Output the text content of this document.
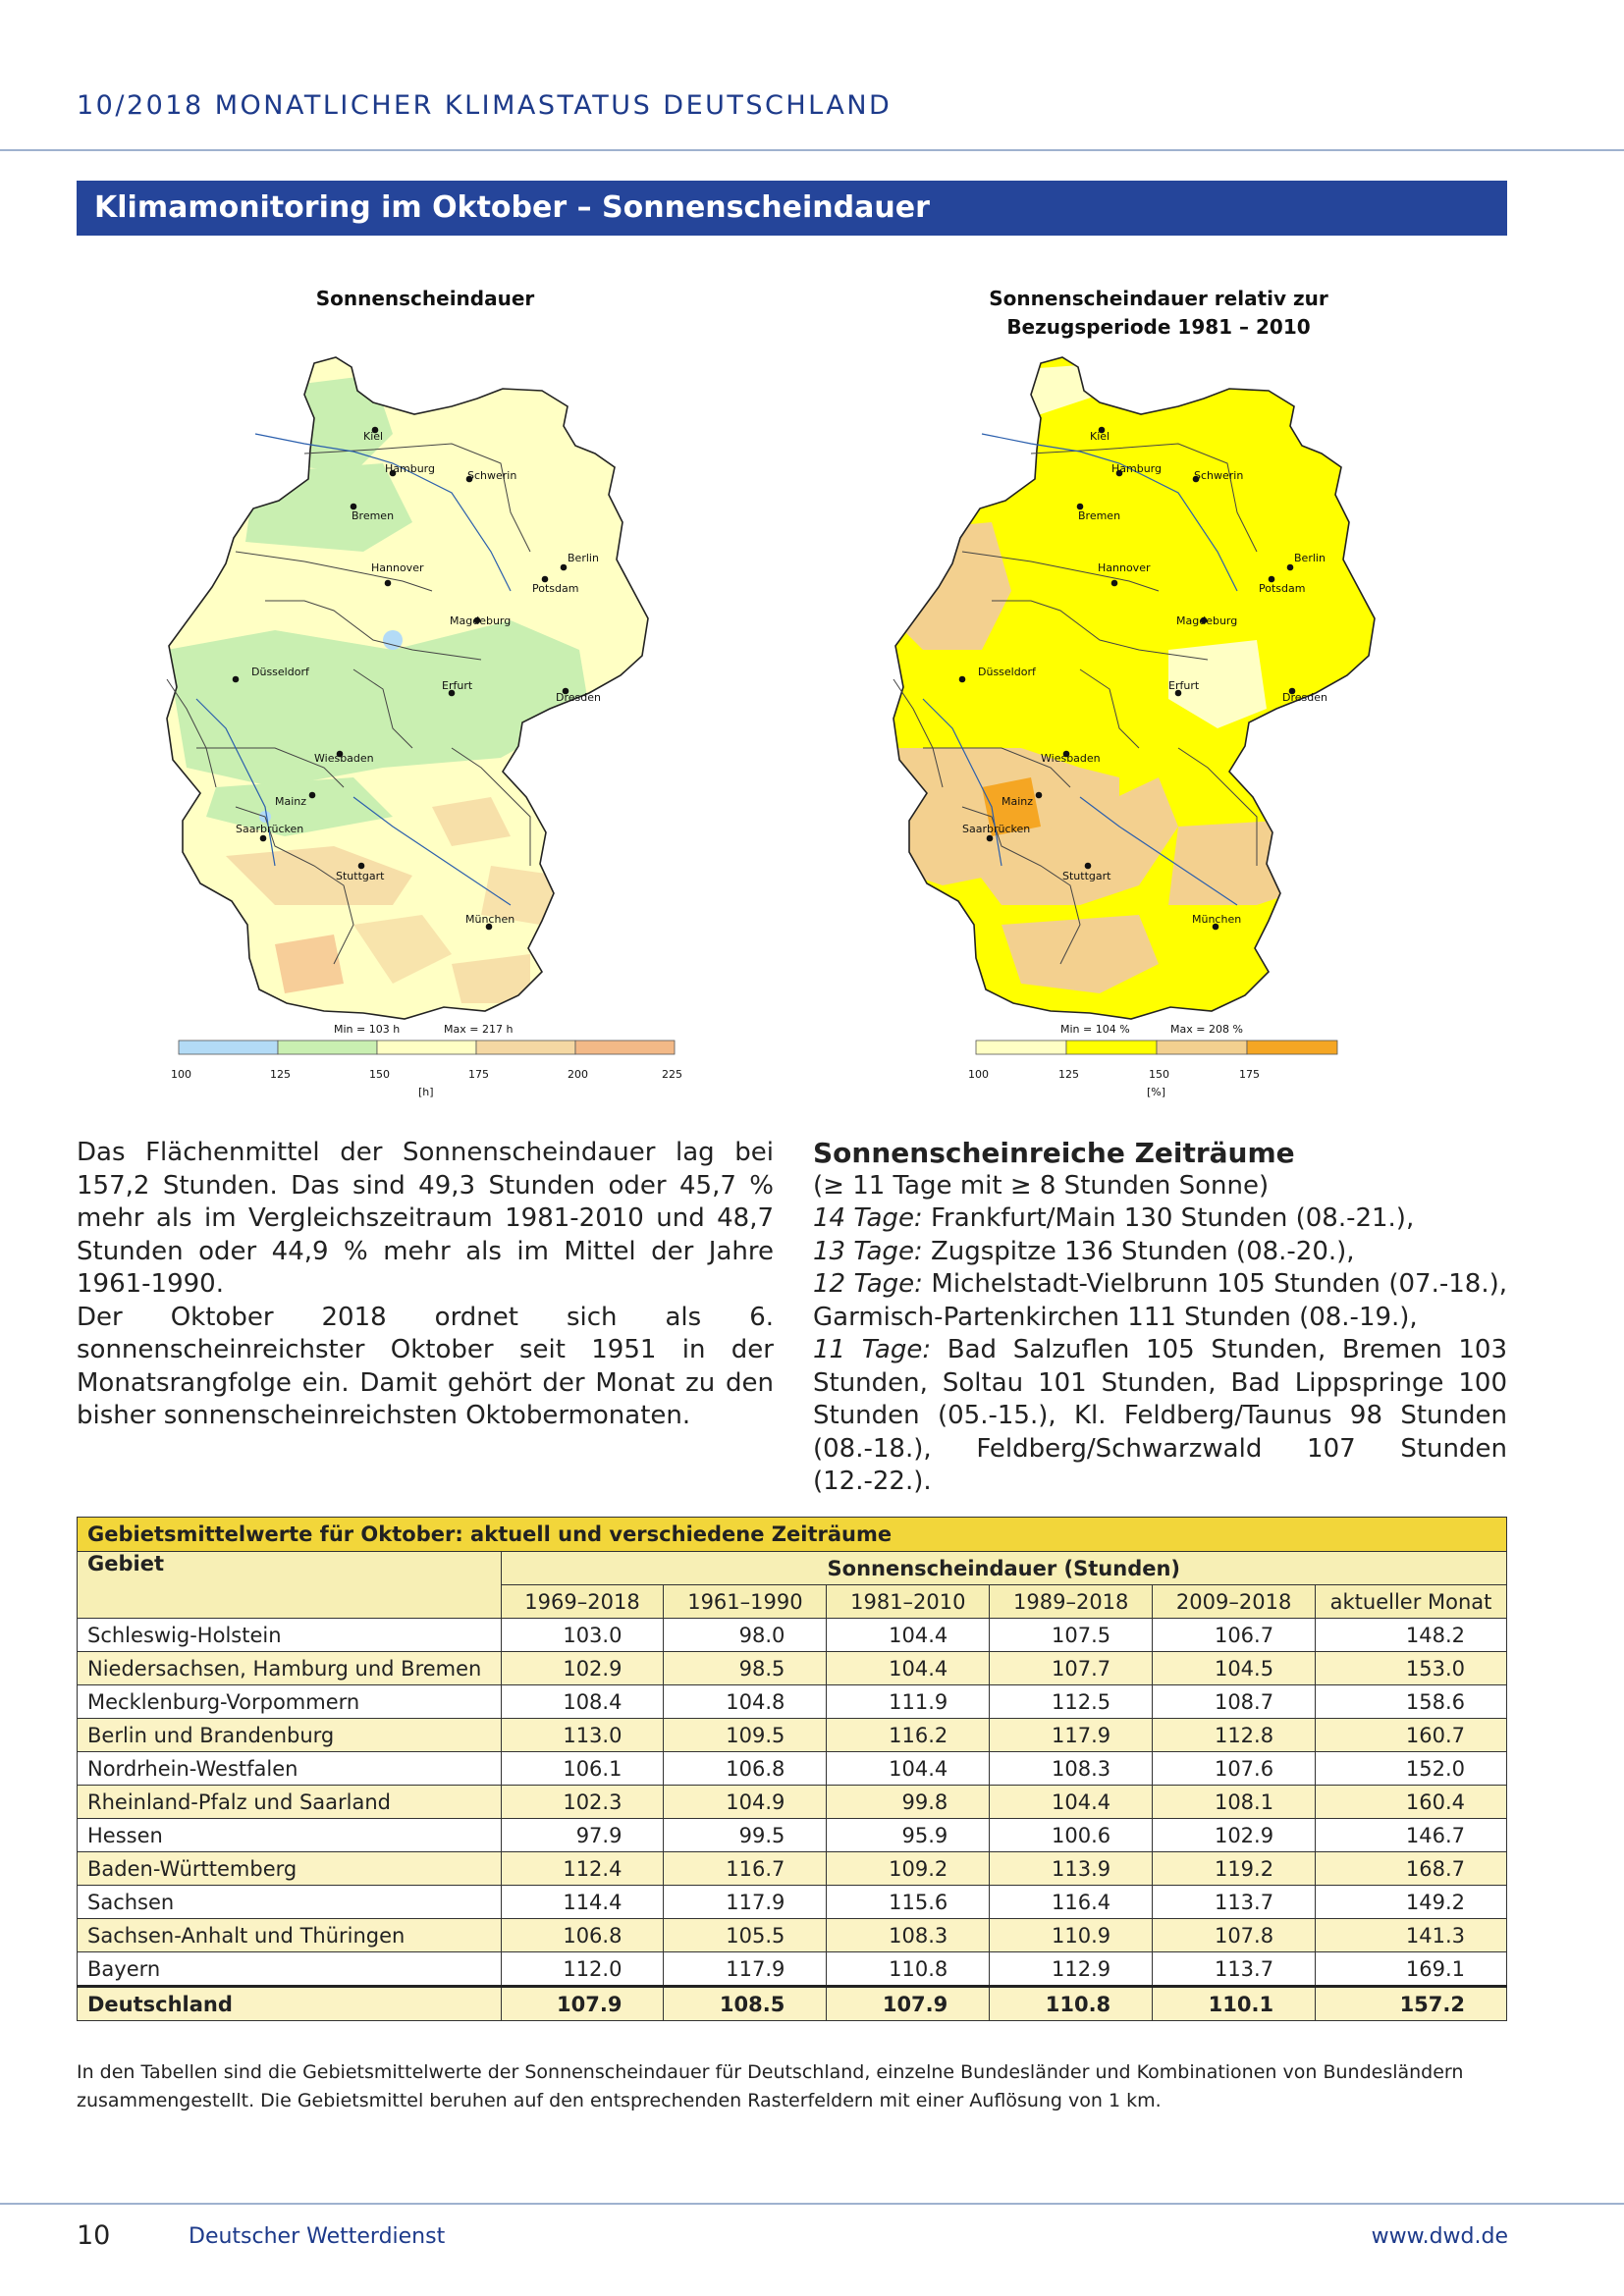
10/2018 MONATLICHER KLIMASTATUS DEUTSCHLAND
Klimamonitoring im Oktober – Sonnenscheindauer
Sonnenscheindauer
Kiel
Hamburg
Schwerin
Bremen
Berlin
Hannover
Potsdam
Magdeburg
Düsseldorf
Erfurt
Dresden
Wiesbaden
Mainz
Saarbrücken
Stuttgart
München
Min = 103 h	Max = 217 h
100	125	150	175	200	225
[h]
Sonnenscheindauer relativ zur
Bezugsperiode 1981 – 2010
Kiel
Hamburg
Schwerin
Bremen
Berlin
Hannover
Potsdam
Magdeburg
Düsseldorf
Erfurt
Dresden
Wiesbaden
Mainz
Saarbrücken
Stuttgart
München
Min = 104 %	Max = 208 %
100	125	150	175
[%]

Das Flächenmittel der Sonnenscheindauer lag bei 157,2 Stunden. Das sind 49,3 Stunden oder 45,7 % mehr als im Vergleichszeitraum 1981-2010 und 48,7 Stunden oder 44,9 % mehr als im Mittel der Jahre 1961-1990.

Der Oktober 2018 ordnet sich als 6. sonnenscheinreichster Oktober seit 1951 in der Monatsrangfolge ein. Damit gehört der Monat zu den bisher sonnenscheinreichsten Oktobermonaten.

Sonnenscheinreiche Zeiträume
(≥ 11 Tage mit ≥ 8 Stunden Sonne)
14 Tage: Frankfurt/Main 130 Stunden (08.-21.),
13 Tage: Zugspitze 136 Stunden (08.-20.),
12 Tage: Michelstadt-Vielbrunn 105 Stunden (07.-18.), Garmisch-Partenkirchen 111 Stunden (08.-19.),
11 Tage: Bad Salzuflen 105 Stunden, Bremen 103 Stunden, Soltau 101 Stunden, Bad Lippspringe 100 Stunden (05.-15.), Kl. Feldberg/Taunus 98 Stunden (08.-18.), Feldberg/Schwarzwald 107 Stunden (12.-22.).
Gebietsmittelwerte für Oktober: aktuell und verschiedene Zeiträume						
Gebiet	Sonnenscheindauer (Stunden)					
	1969–2018	1961–1990	1981–2010	1989–2018	2009–2018	aktueller Monat
Schleswig-Holstein	103.0	98.0	104.4	107.5	106.7	148.2
Niedersachsen, Hamburg und Bremen	102.9	98.5	104.4	107.7	104.5	153.0
Mecklenburg-Vorpommern	108.4	104.8	111.9	112.5	108.7	158.6
Berlin und Brandenburg	113.0	109.5	116.2	117.9	112.8	160.7
Nordrhein-Westfalen	106.1	106.8	104.4	108.3	107.6	152.0
Rheinland-Pfalz und Saarland	102.3	104.9	99.8	104.4	108.1	160.4
Hessen	97.9	99.5	95.9	100.6	102.9	146.7
Baden-Württemberg	112.4	116.7	109.2	113.9	119.2	168.7
Sachsen	114.4	117.9	115.6	116.4	113.7	149.2
Sachsen-Anhalt und Thüringen	106.8	105.5	108.3	110.9	107.8	141.3
Bayern	112.0	117.9	110.8	112.9	113.7	169.1
Deutschland	107.9	108.5	107.9	110.8	110.1	157.2
In den Tabellen sind die Gebietsmittelwerte der Sonnenscheindauer für Deutschland, einzelne Bundesländer und Kombinationen von Bundesländern zusammengestellt. Die Gebietsmittel beruhen auf den entsprechenden Rasterfeldern mit einer Auflösung von 1 km.
10	Deutscher Wetterdienst	www.dwd.de
